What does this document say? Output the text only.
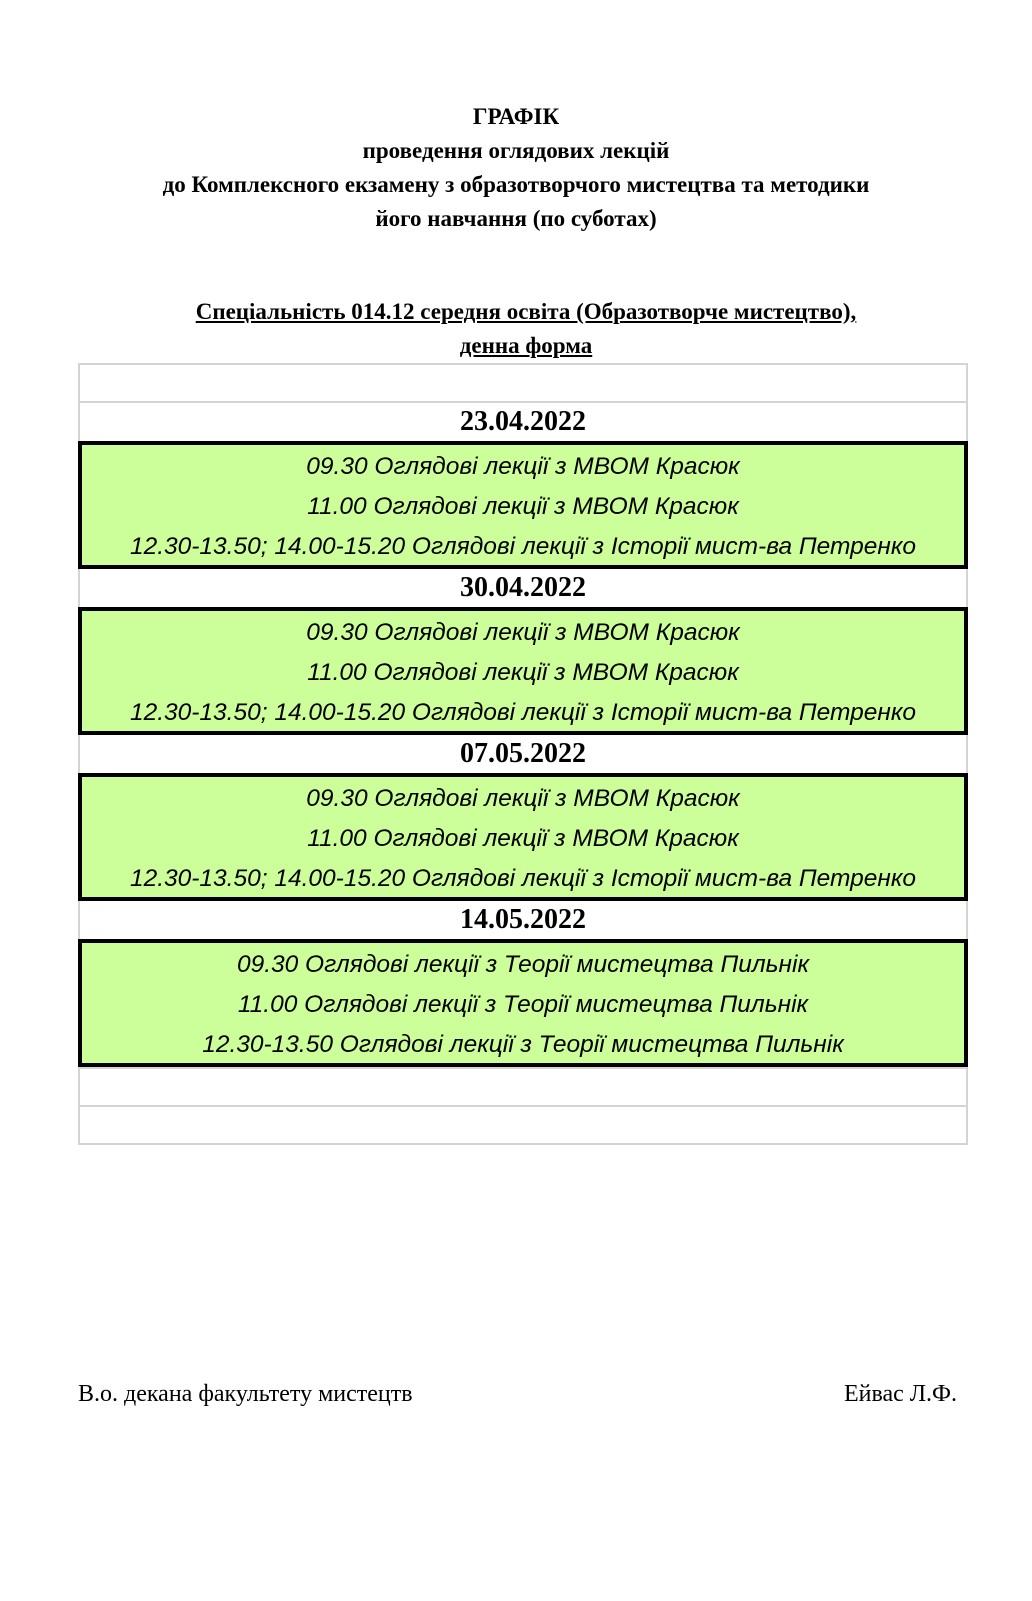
ГРАФІК
проведення оглядових лекцій
до Комплексного екзамену з образотворчого мистецтва та методики
його навчання (по суботах)
Спеціальність 014.12 середня освіта (Образотворче мистецтво),
денна форма
23.04.2022
09.30 Оглядові лекції з МВОМ Красюк
11.00 Оглядові лекції з МВОМ Красюк
12.30-13.50; 14.00-15.20 Оглядові лекції з Історії мист-ва Петренко
30.04.2022
09.30 Оглядові лекції з МВОМ Красюк
11.00 Оглядові лекції з МВОМ Красюк
12.30-13.50; 14.00-15.20 Оглядові лекції з Історії мист-ва Петренко
07.05.2022
09.30 Оглядові лекції з МВОМ Красюк
11.00 Оглядові лекції з МВОМ Красюк
12.30-13.50; 14.00-15.20 Оглядові лекції з Історії мист-ва Петренко
14.05.2022
09.30 Оглядові лекції з Теорії мистецтва Пильнік
11.00 Оглядові лекції з Теорії мистецтва Пильнік
12.30-13.50 Оглядові лекції з Теорії мистецтва Пильнік
В.о. декана факультету мистецтв	Ейвас Л.Ф.
